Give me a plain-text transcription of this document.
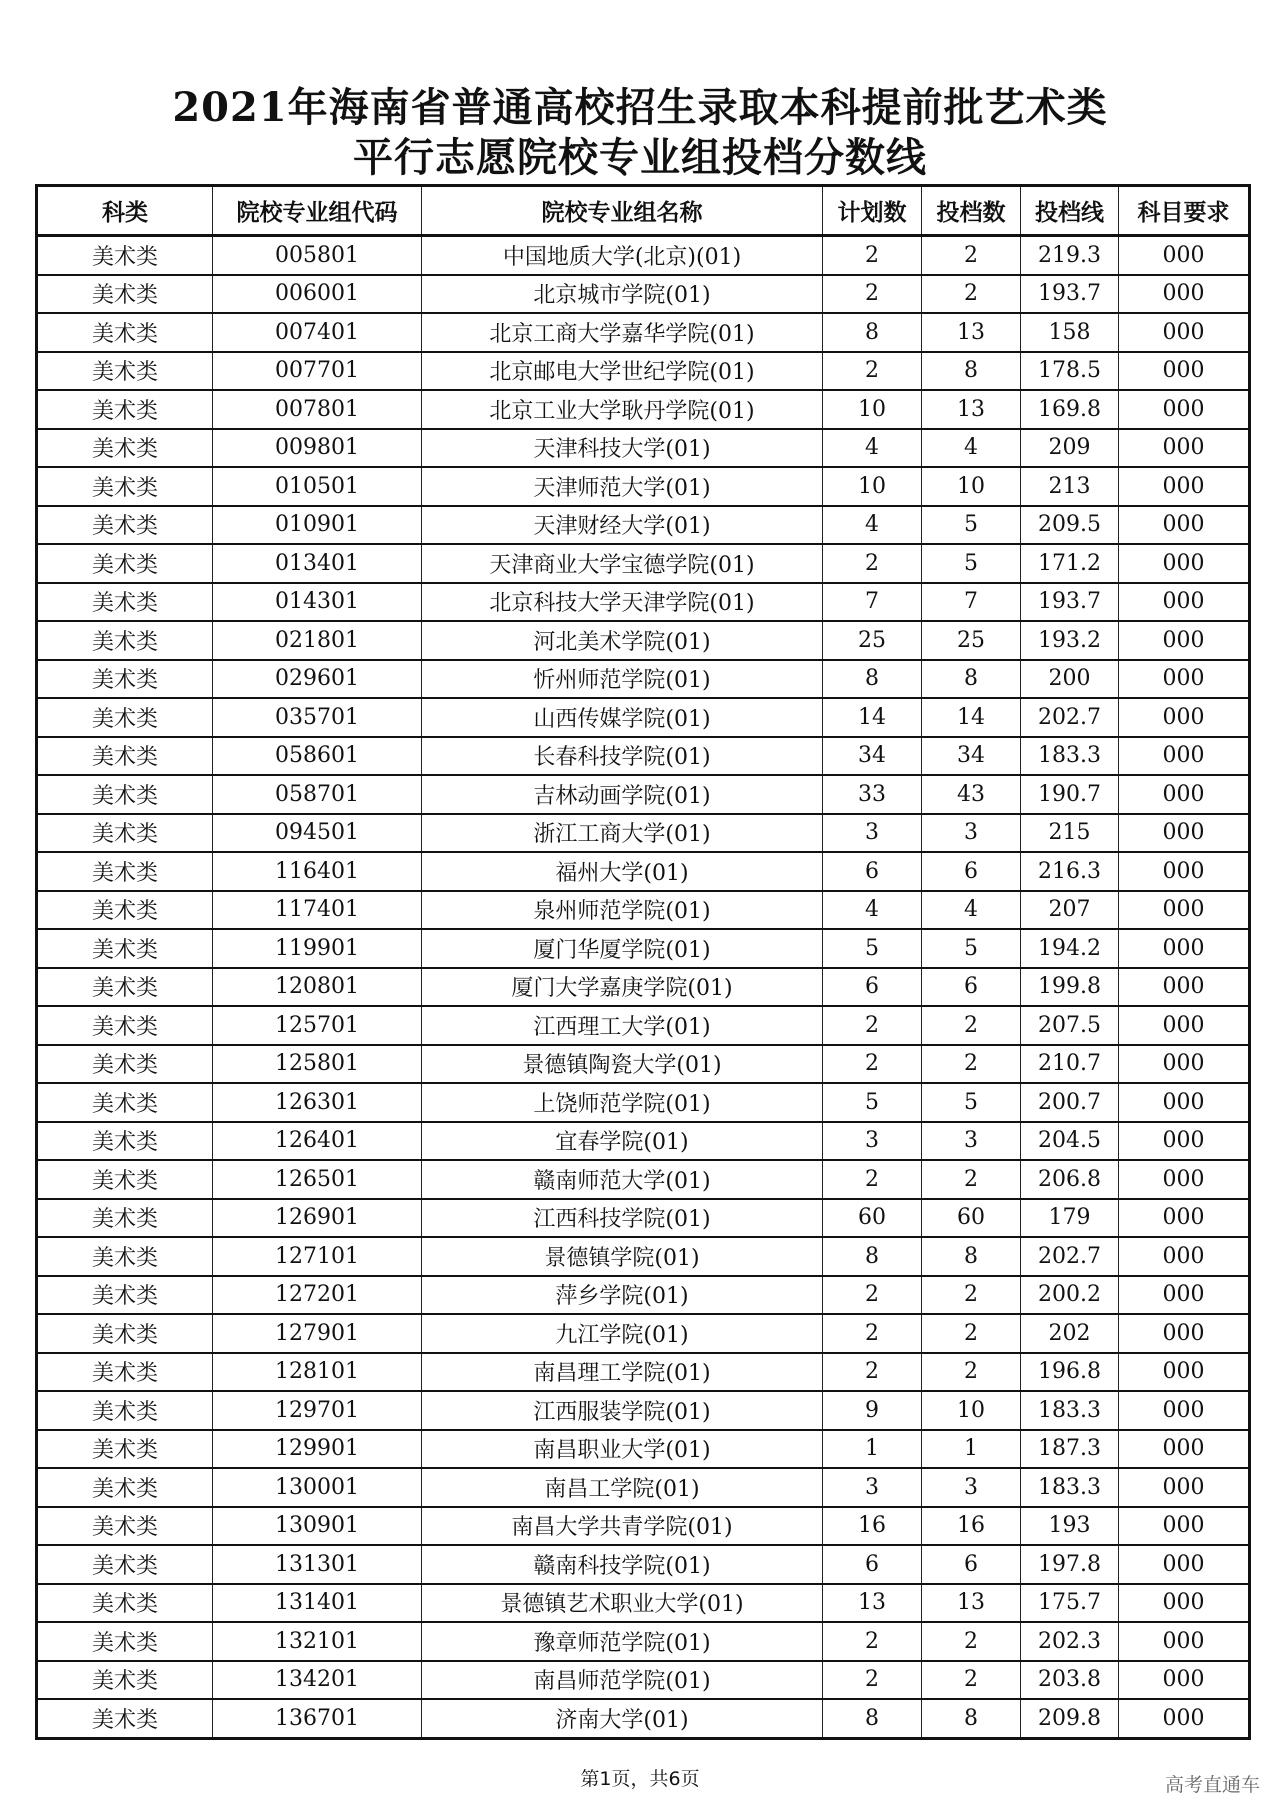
2021年海南省普通高校招生录取本科提前批艺术类
平行志愿院校专业组投档分数线
科类	院校专业组代码	院校专业组名称	计划数	投档数	投档线	科目要求
美术类	005801	中国地质大学(北京)(01)	2	2	219.3	000
美术类	006001	北京城市学院(01)	2	2	193.7	000
美术类	007401	北京工商大学嘉华学院(01)	8	13	158	000
美术类	007701	北京邮电大学世纪学院(01)	2	8	178.5	000
美术类	007801	北京工业大学耿丹学院(01)	10	13	169.8	000
美术类	009801	天津科技大学(01)	4	4	209	000
美术类	010501	天津师范大学(01)	10	10	213	000
美术类	010901	天津财经大学(01)	4	5	209.5	000
美术类	013401	天津商业大学宝德学院(01)	2	5	171.2	000
美术类	014301	北京科技大学天津学院(01)	7	7	193.7	000
美术类	021801	河北美术学院(01)	25	25	193.2	000
美术类	029601	忻州师范学院(01)	8	8	200	000
美术类	035701	山西传媒学院(01)	14	14	202.7	000
美术类	058601	长春科技学院(01)	34	34	183.3	000
美术类	058701	吉林动画学院(01)	33	43	190.7	000
美术类	094501	浙江工商大学(01)	3	3	215	000
美术类	116401	福州大学(01)	6	6	216.3	000
美术类	117401	泉州师范学院(01)	4	4	207	000
美术类	119901	厦门华厦学院(01)	5	5	194.2	000
美术类	120801	厦门大学嘉庚学院(01)	6	6	199.8	000
美术类	125701	江西理工大学(01)	2	2	207.5	000
美术类	125801	景德镇陶瓷大学(01)	2	2	210.7	000
美术类	126301	上饶师范学院(01)	5	5	200.7	000
美术类	126401	宜春学院(01)	3	3	204.5	000
美术类	126501	赣南师范大学(01)	2	2	206.8	000
美术类	126901	江西科技学院(01)	60	60	179	000
美术类	127101	景德镇学院(01)	8	8	202.7	000
美术类	127201	萍乡学院(01)	2	2	200.2	000
美术类	127901	九江学院(01)	2	2	202	000
美术类	128101	南昌理工学院(01)	2	2	196.8	000
美术类	129701	江西服装学院(01)	9	10	183.3	000
美术类	129901	南昌职业大学(01)	1	1	187.3	000
美术类	130001	南昌工学院(01)	3	3	183.3	000
美术类	130901	南昌大学共青学院(01)	16	16	193	000
美术类	131301	赣南科技学院(01)	6	6	197.8	000
美术类	131401	景德镇艺术职业大学(01)	13	13	175.7	000
美术类	132101	豫章师范学院(01)	2	2	202.3	000
美术类	134201	南昌师范学院(01)	2	2	203.8	000
美术类	136701	济南大学(01)	8	8	209.8	000
第1页，共6页	高考直通车
